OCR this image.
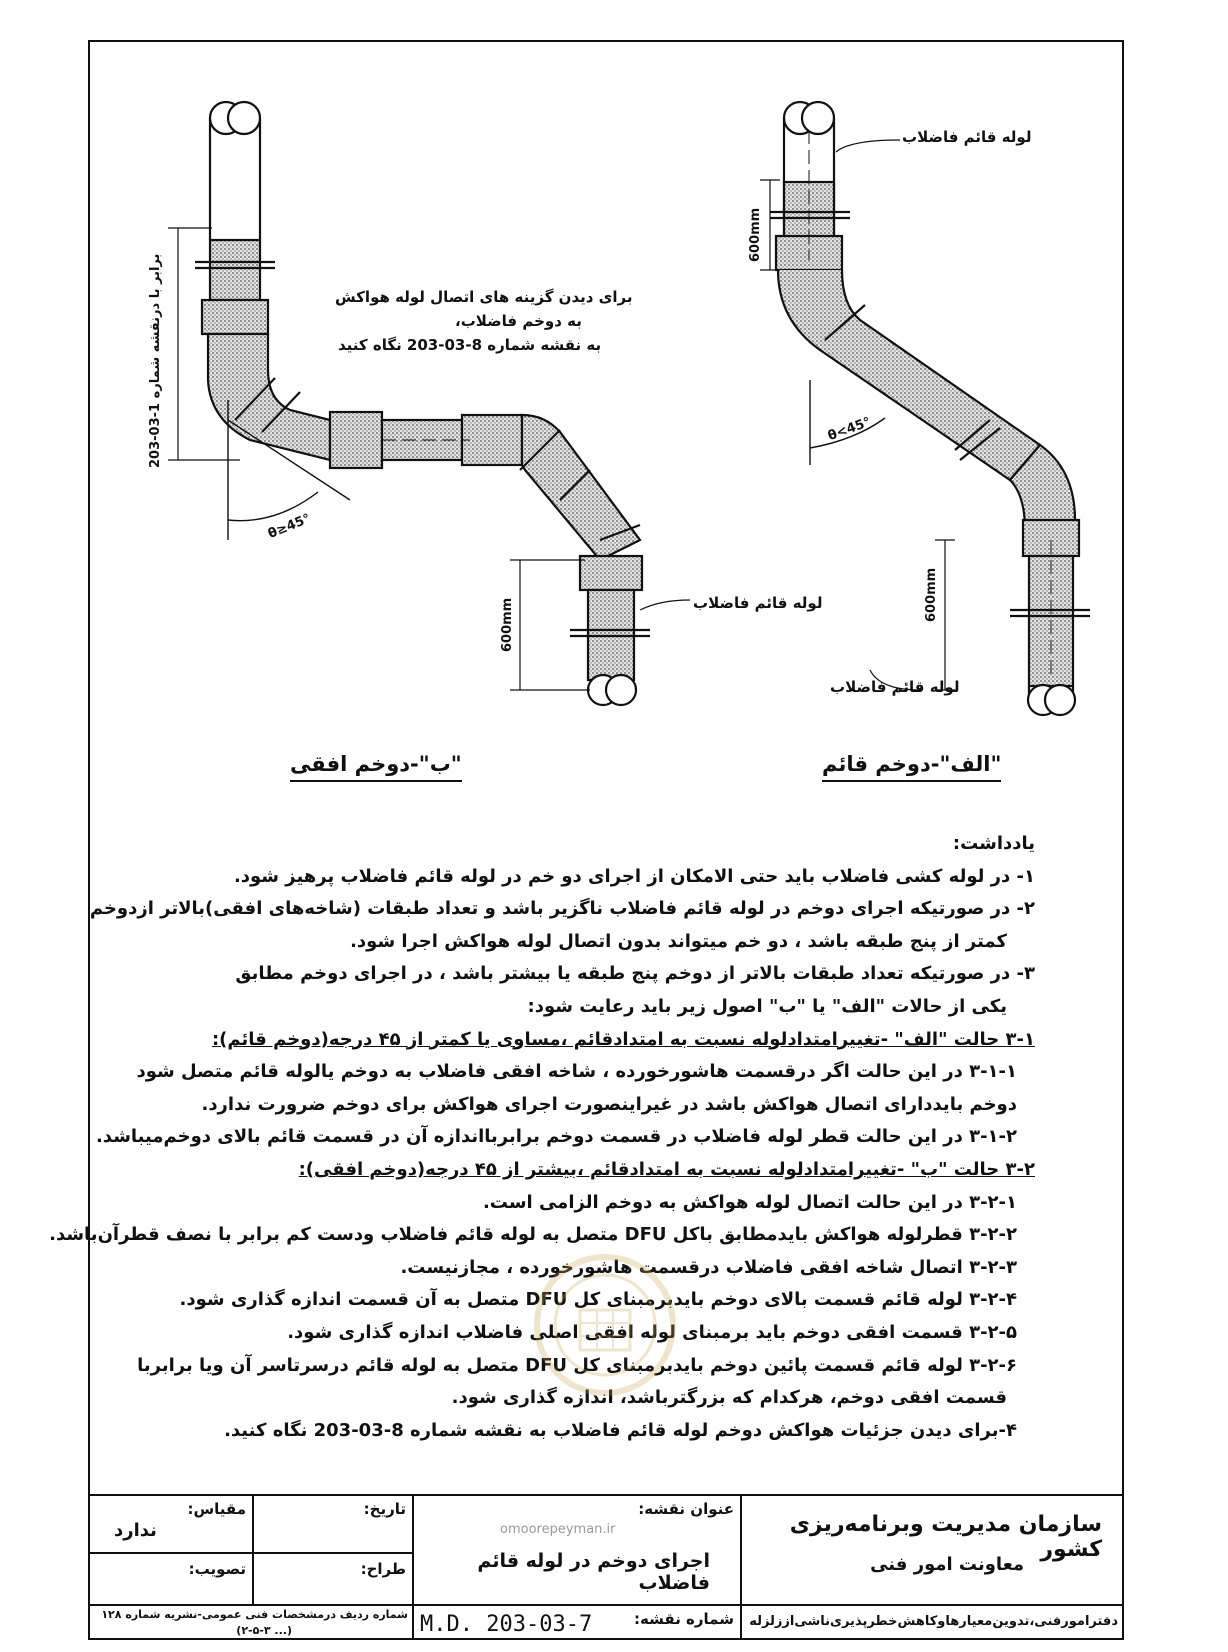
لوله قائم فاضلاب
لوله قائم فاضلاب
600mm
600mm
θ<45°
"الف"-دوخم قائم
برای دیدن گزینه های اتصال لوله هواکش
به دوخم فاضلاب،
به نقشه شماره 8-03-203 نگاه کنید
لوله قائم فاضلاب
600mm
برابر با درنقشه شماره 1-03-203
θ≥45°
"ب"-دوخم افقی
يادداشت:
۱- در لوله کشی فاضلاب باید حتی الامکان از اجرای دو خم در لوله قائم فاضلاب پرهیز شود.
۲- در صورتیکه اجرای دوخم در لوله قائم فاضلاب ناگزیر باشد و تعداد طبقات (شاخه‌های افقی)بالاتر ازدوخم
کمتر از پنج طبقه باشد ، دو خم میتواند بدون اتصال لوله هواکش اجرا شود.
۳- در صورتیکه تعداد طبقات بالاتر از دوخم پنج طبقه یا بیشتر باشد ، در اجرای دوخم مطابق
یکی از حالات "الف" یا "ب" اصول زیر باید رعایت شود:
۳-۱ حالت "الف" -تغییرامتدادلوله نسبت به امتدادقائم ،مساوی یا کمتر از ۴۵ درجه(دوخم قائم):
۳-۱-۱ در این حالت اگر درقسمت هاشورخورده ، شاخه افقی فاضلاب به دوخم یالوله قائم متصل شود
دوخم بایددارای اتصال هواکش باشد در غیراینصورت اجرای هواکش برای دوخم ضرورت ندارد.
۳-۱-۲ در این حالت قطر لوله فاضلاب در قسمت دوخم برابربااندازه آن در قسمت قائم بالای دوخم‌میباشد.
۳-۲ حالت "ب" -تغییرامتدادلوله نسبت به امتدادقائم ،بیشتر از ۴۵ درجه(دوخم افقی):
۳-۲-۱ در این حالت اتصال لوله هواکش به دوخم الزامی است.
۳-۲-۲ قطرلوله هواکش بایدمطابق باکل DFU متصل به لوله قائم فاضلاب ودست کم برابر با نصف قطرآن‌باشد.
۳-۲-۳ اتصال شاخه افقی فاضلاب درقسمت هاشورخورده ، مجازنیست.
۳-۲-۴ لوله قائم قسمت بالای دوخم بایدبرمبنای کل DFU متصل به آن قسمت اندازه گذاری شود.
۳-۲-۵ قسمت افقی دوخم باید برمبنای لوله افقی اصلی فاضلاب اندازه گذاری شود.
۳-۲-۶ لوله قائم قسمت پائین دوخم بایدبرمبنای کل DFU متصل به لوله قائم درسرتاسر آن ویا برابربا
قسمت افقی دوخم، هرکدام که بزرگترباشد، اندازه گذاری شود.
۴-برای دیدن جزئیات هواکش دوخم لوله قائم فاضلاب به نقشه شماره 8-03-203 نگاه کنید.
سازمان مدیریت وبرنامه‌ریزی کشور
معاونت امور فنی
دفترامورفنی،تدوین‌معیارهاوکاهش‌خطرپذیری‌ناشی‌اززلزله
عنوان نقشه:
omoorepeyman.ir
اجرای دوخم در لوله قائم فاضلاب
شماره نقشه:
M.D. 203-03-7
تاریخ:
طراح:
مقیاس:
ندارد
تصویب:
شماره ردیف درمشخصات فنی عمومی-نشریه شماره ۱۲۸
(... ۲-۵-۳)
